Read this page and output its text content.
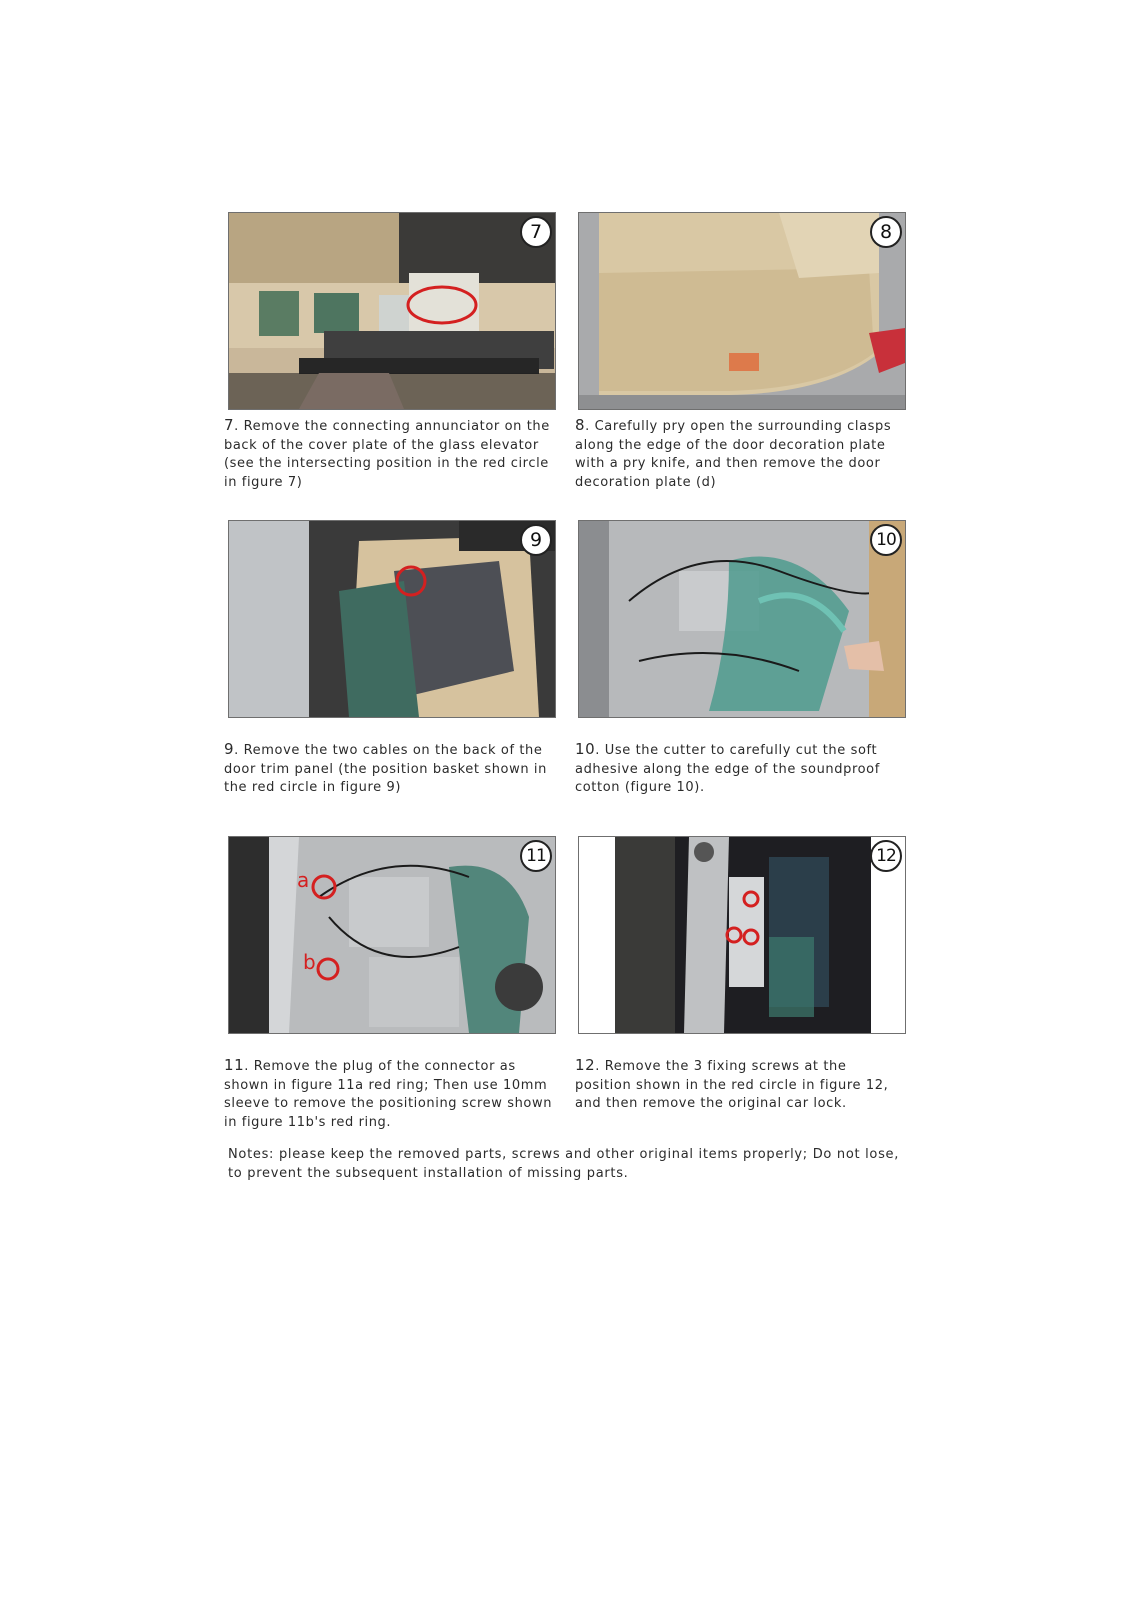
7
7. Remove the connecting annunciator on the back of the cover plate of the glass elevator (see the intersecting position in the red circle in figure 7)
8
8. Carefully pry open the surrounding clasps along the edge of the door decoration plate with a pry knife, and then remove the door decoration plate (d)
9
9. Remove the two cables on the back of the door trim panel (the position basket shown in the red circle in figure 9)
10
10. Use the cutter to carefully cut the soft adhesive along the edge of the soundproof cotton (figure 10).
a
b
11
11. Remove the plug of the connector as shown in figure 11a red ring; Then use 10mm sleeve to remove the positioning screw shown in figure 11b's red ring.
12
12. Remove the 3 fixing screws at the position shown in the red circle in figure 12, and then remove the original car lock.
Notes: please keep the removed parts, screws and other original items properly; Do not lose, to prevent the subsequent installation of missing parts.
